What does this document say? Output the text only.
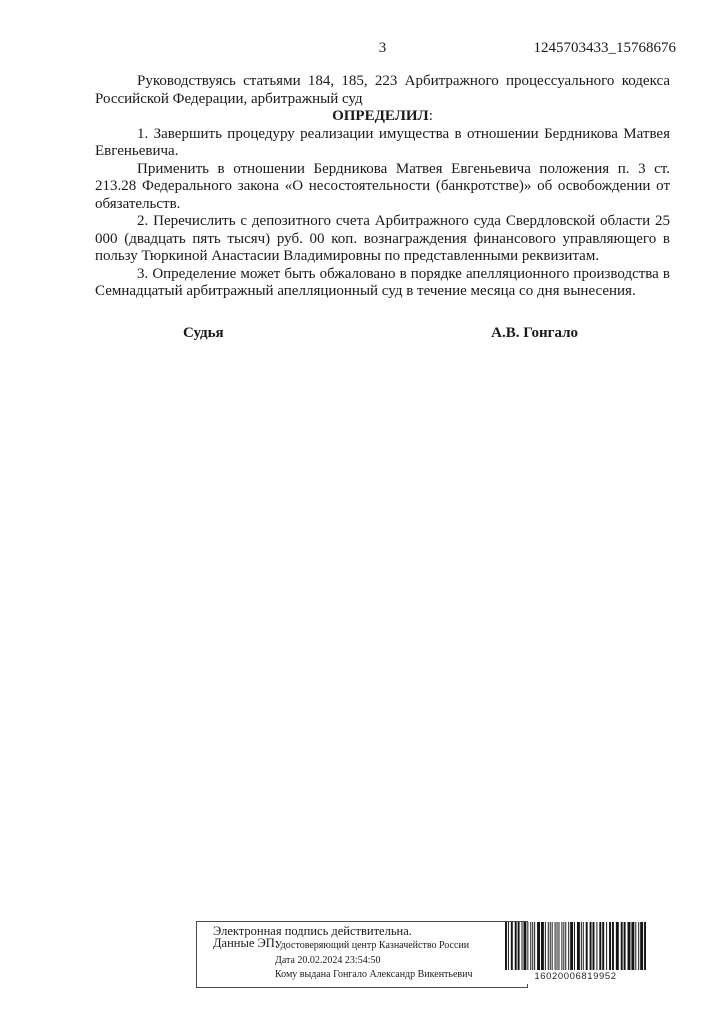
3	1245703433_15768676

Руководствуясь статьями 184, 185, 223 Арбитражного процессуального кодекса Российской Федерации, арбитражный суд

ОПРЕДЕЛИЛ:

1. Завершить процедуру реализации имущества в отношении Бердникова Матвея Евгеньевича.

Применить в отношении Бердникова Матвея Евгеньевича положения п. 3 ст. 213.28 Федерального закона «О несостоятельности (банкротстве)» об освобождении от обязательств.

2. Перечислить с депозитного счета Арбитражного суда Свердловской области 25 000 (двадцать пять тысяч) руб. 00 коп. вознаграждения финансового управляющего в пользу Тюркиной Анастасии Владимировны по представленными реквизитам.

3. Определение может быть обжаловано в порядке апелляционного производства в Семнадцатый арбитражный апелляционный суд в течение месяца со дня вынесения.

Судья	А.В. Гонгало
Электронная подпись действительна.
Данные ЭП:
Удостоверяющий центр Казначейство России
Дата 20.02.2024 23:54:50
Кому выдана Гонгало Александр Викентьевич	16020006819952
